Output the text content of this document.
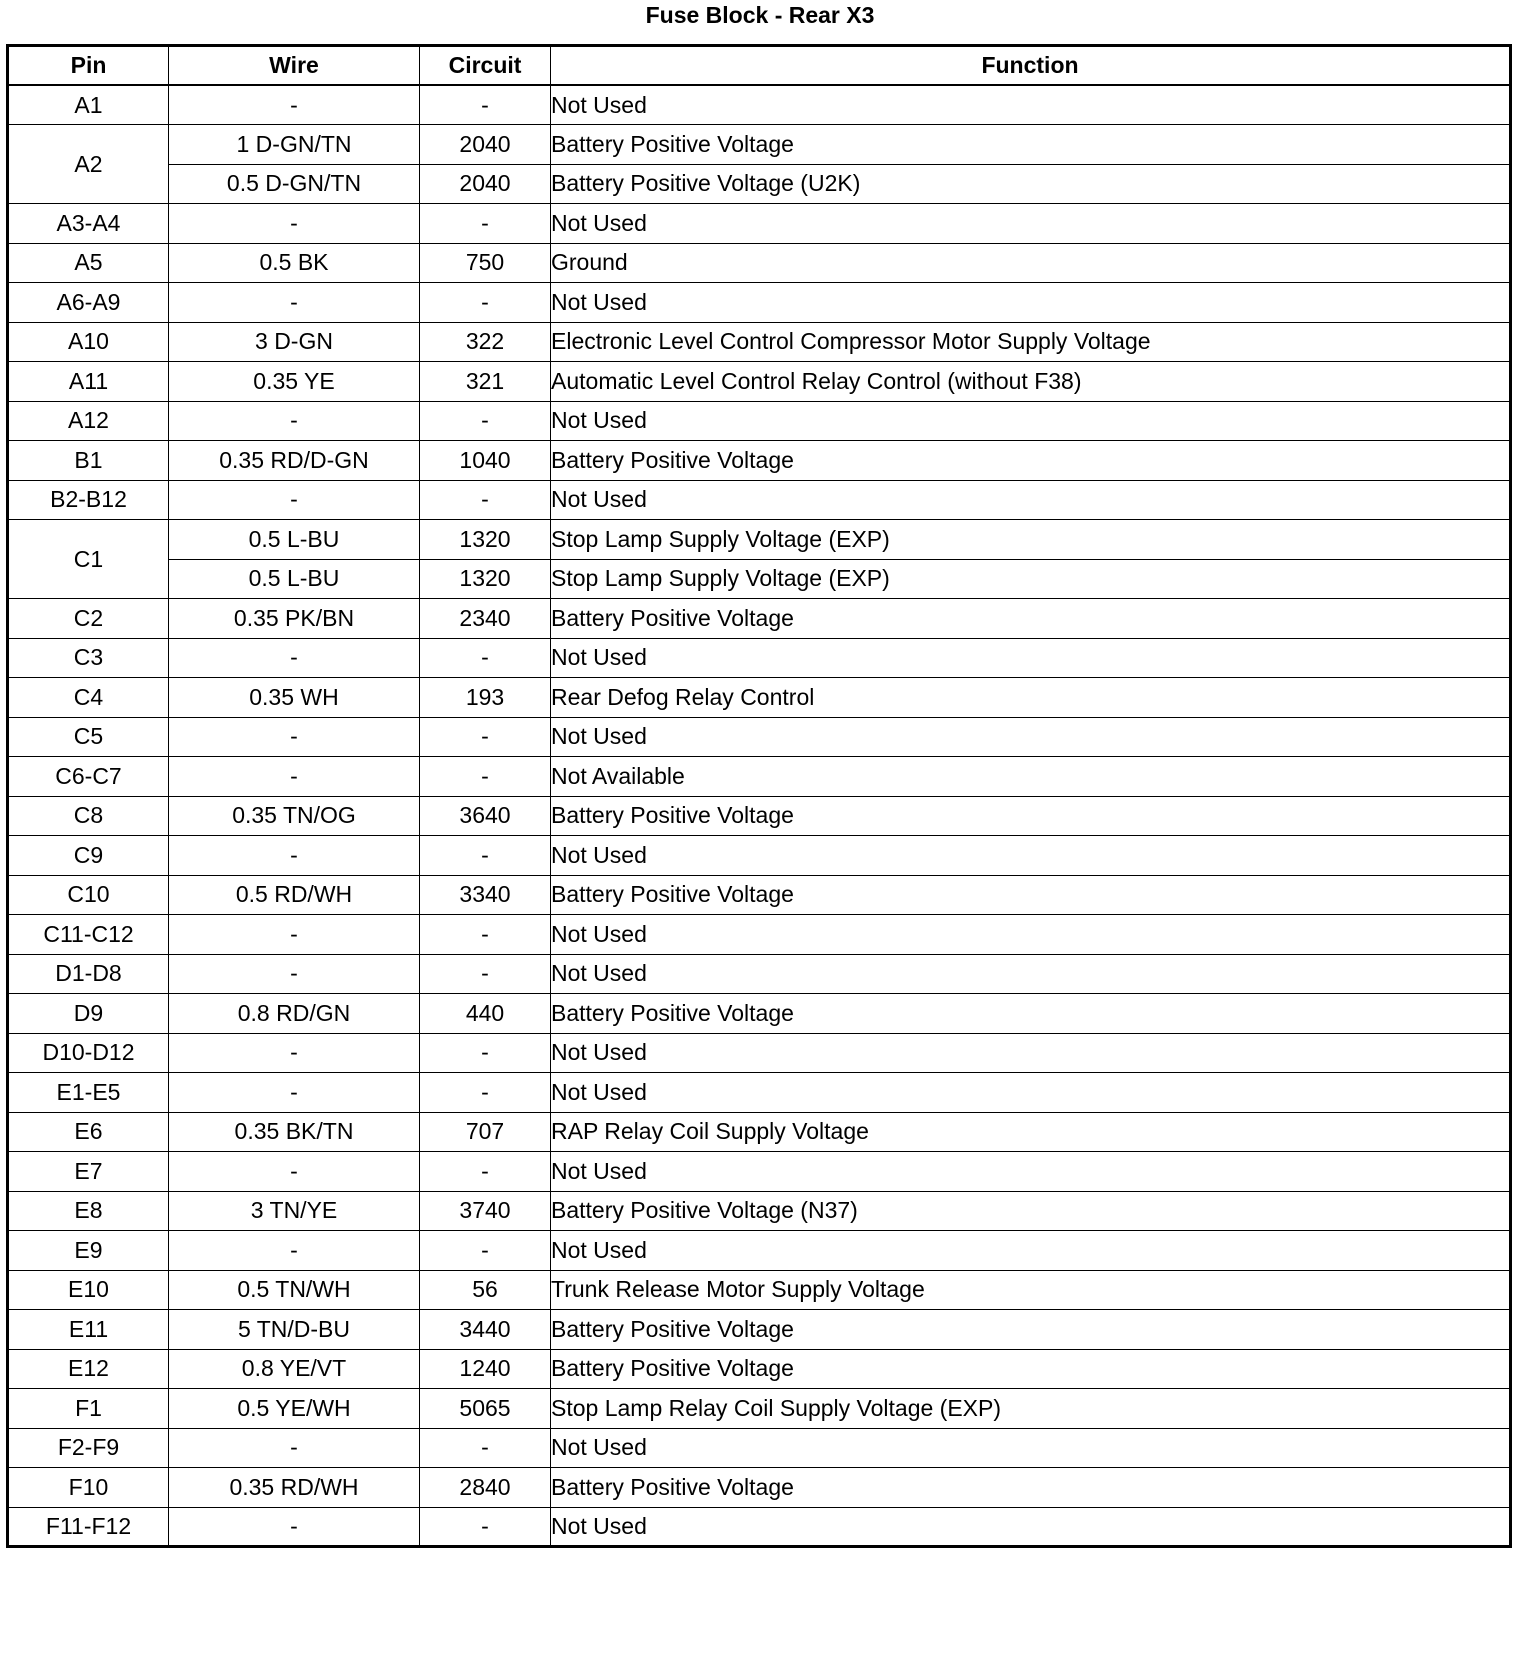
Fuse Block - Rear X3
Pin	Wire	Circuit	Function
A1	-	-	Not Used
A2	1 D-GN/TN	2040	Battery Positive Voltage
	0.5 D-GN/TN	2040	Battery Positive Voltage (U2K)
A3-A4	-	-	Not Used
A5	0.5 BK	750	Ground
A6-A9	-	-	Not Used
A10	3 D-GN	322	Electronic Level Control Compressor Motor Supply Voltage
A11	0.35 YE	321	Automatic Level Control Relay Control (without F38)
A12	-	-	Not Used
B1	0.35 RD/D-GN	1040	Battery Positive Voltage
B2-B12	-	-	Not Used
C1	0.5 L-BU	1320	Stop Lamp Supply Voltage (EXP)
	0.5 L-BU	1320	Stop Lamp Supply Voltage (EXP)
C2	0.35 PK/BN	2340	Battery Positive Voltage
C3	-	-	Not Used
C4	0.35 WH	193	Rear Defog Relay Control
C5	-	-	Not Used
C6-C7	-	-	Not Available
C8	0.35 TN/OG	3640	Battery Positive Voltage
C9	-	-	Not Used
C10	0.5 RD/WH	3340	Battery Positive Voltage
C11-C12	-	-	Not Used
D1-D8	-	-	Not Used
D9	0.8 RD/GN	440	Battery Positive Voltage
D10-D12	-	-	Not Used
E1-E5	-	-	Not Used
E6	0.35 BK/TN	707	RAP Relay Coil Supply Voltage
E7	-	-	Not Used
E8	3 TN/YE	3740	Battery Positive Voltage (N37)
E9	-	-	Not Used
E10	0.5 TN/WH	56	Trunk Release Motor Supply Voltage
E11	5 TN/D-BU	3440	Battery Positive Voltage
E12	0.8 YE/VT	1240	Battery Positive Voltage
F1	0.5 YE/WH	5065	Stop Lamp Relay Coil Supply Voltage (EXP)
F2-F9	-	-	Not Used
F10	0.35 RD/WH	2840	Battery Positive Voltage
F11-F12	-	-	Not Used
